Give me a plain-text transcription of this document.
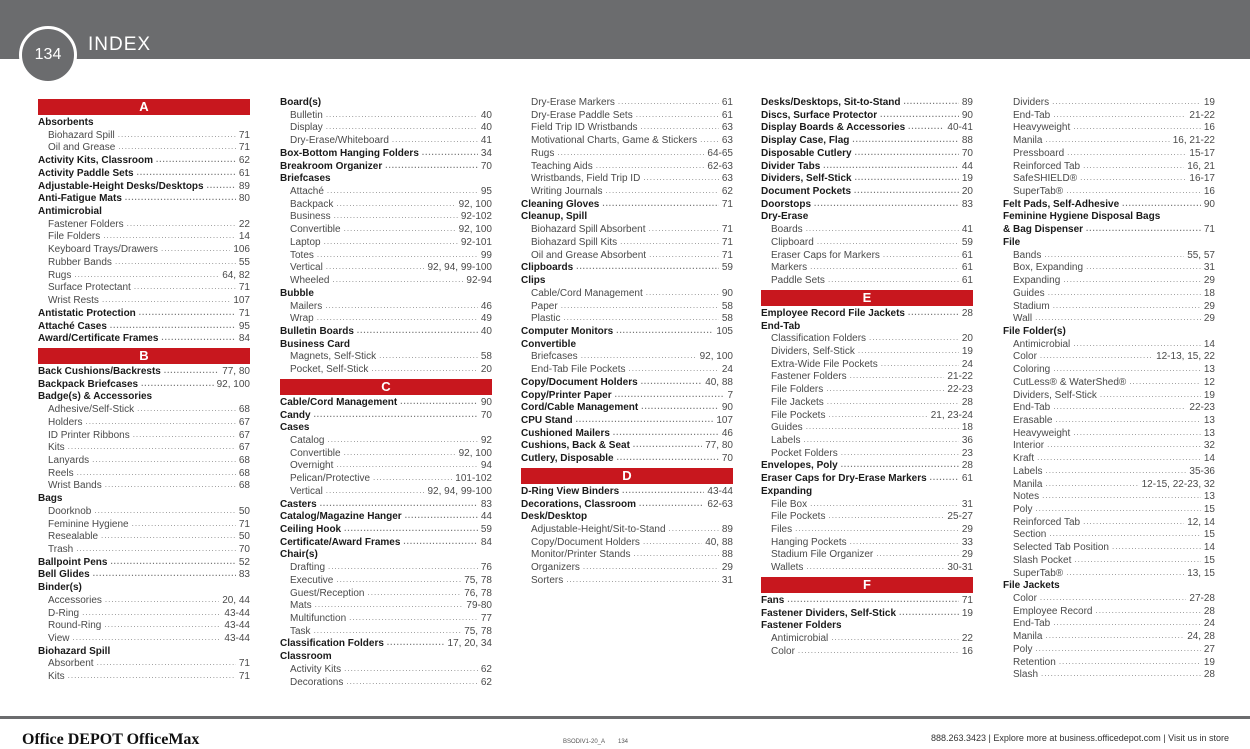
134	INDEX
A
Absorbents
Biohazard Spill .....	71
Oil and Grease .....	71
Activity Kits, Classroom .....	62
Activity Paddle Sets .....	61
Adjustable-Height Desks/Desktops .....	89
Anti-Fatigue Mats .....	80
Antimicrobial
Fastener Folders .....	22
File Folders .....	14
Keyboard Trays/Drawers .....	106
Rubber Bands .....	55
Rugs .....	64, 82
Surface Protectant .....	71
Wrist Rests .....	107
Antistatic Protection .....	71
Attaché Cases .....	95
Award/Certificate Frames .....	84
B
Back Cushions/Backrests .....	77, 80
Backpack Briefcases .....	92, 100
Badge(s) & Accessories
Adhesive/Self-Stick .....	68
Holders .....	67
ID Printer Ribbons .....	67
Kits .....	67
Lanyards .....	68
Reels .....	68
Wrist Bands .....	68
Bags
Doorknob .....	50
Feminine Hygiene .....	71
Resealable .....	50
Trash .....	70
Ballpoint Pens .....	52
Bell Glides .....	83
Binder(s)
Accessories .....	20, 44
D-Ring .....	43-44
Round-Ring .....	43-44
View .....	43-44
Biohazard Spill
Absorbent .....	71
Kits .....	71
Board(s)
Bulletin .....	40
Display .....	40
Dry-Erase/Whiteboard .....	41
Box-Bottom Hanging Folders .....	34
Breakroom Organizer .....	70
Briefcases
Attaché .....	95
Backpack .....	92, 100
Business .....	92-102
Convertible .....	92, 100
Laptop .....	92-101
Totes .....	99
Vertical .....	92, 94, 99-100
Wheeled .....	92-94
Bubble
Mailers .....	46
Wrap .....	49
Bulletin Boards .....	40
Business Card
Magnets, Self-Stick .....	58
Pocket, Self-Stick .....	20
C
Cable/Cord Management .....	90
Candy .....	70
Cases
Catalog .....	92
Convertible .....	92, 100
Overnight .....	94
Pelican/Protective .....	101-102
Vertical .....	92, 94, 99-100
Casters .....	83
Catalog/Magazine Hanger .....	44
Ceiling Hook .....	59
Certificate/Award Frames .....	84
Chair(s)
Drafting .....	76
Executive .....	75, 78
Guest/Reception .....	76, 78
Mats .....	79-80
Multifunction .....	77
Task .....	75, 78
Classification Folders .....	17, 20, 34
Classroom
Activity Kits .....	62
Decorations .....	62
Dry-Erase Markers .....	61
Dry-Erase Paddle Sets .....	61
Field Trip ID Wristbands .....	63
Motivational Charts, Game & Stickers ..... 63
Rugs .....	64-65
Teaching Aids .....	62-63
Wristbands, Field Trip ID .....	63
Writing Journals .....	62
Cleaning Gloves .....	71
Cleanup, Spill
Biohazard Spill Absorbent .....	71
Biohazard Spill Kits .....	71
Oil and Grease Absorbent .....	71
Clipboards .....	59
Clips
Cable/Cord Management .....	90
Paper .....	58
Plastic .....	58
Computer Monitors .....	105
Convertible
Briefcases .....	92, 100
End-Tab File Pockets .....	24
Copy/Document Holders .....	40, 88
Copy/Printer Paper .....	7
Cord/Cable Management .....	90
CPU Stand .....	107
Cushioned Mailers .....	46
Cushions, Back & Seat .....	77, 80
Cutlery, Disposable .....	70
D
D-Ring View Binders .....	43-44
Decorations, Classroom .....	62-63
Desk/Desktop
Adjustable-Height/Sit-to-Stand .....	89
Copy/Document Holders .....	40, 88
Monitor/Printer Stands .....	88
Organizers .....	29
Sorters .....	31
Desks/Desktops, Sit-to-Stand .....	89
Discs, Surface Protector .....	90
Display Boards & Accessories .....	40-41
Display Case, Flag .....	88
Disposable Cutlery .....	70
Divider Tabs .....	44
Dividers, Self-Stick .....	19
Document Pockets .....	20
Doorstops .....	83
Dry-Erase
Boards .....	41
Clipboard .....	59
Eraser Caps for Markers .....	61
Markers .....	61
Paddle Sets .....	61
E
Employee Record File Jackets .....	28
End-Tab
Classification Folders .....	20
Dividers, Self-Stick .....	19
Extra-Wide File Pockets .....	24
Fastener Folders .....	21-22
File Folders .....	22-23
File Jackets .....	28
File Pockets .....	21, 23-24
Guides .....	18
Labels .....	36
Pocket Folders .....	23
Envelopes, Poly .....	28
Eraser Caps for Dry-Erase Markers .....	61
Expanding
File Box .....	31
File Pockets .....	25-27
Files .....	29
Hanging Pockets .....	33
Stadium File Organizer .....	29
Wallets .....	30-31
F
Fans .....	71
Fastener Dividers, Self-Stick .....	19
Fastener Folders
Antimicrobial .....	22
Color .....	16
Dividers .....	19
End-Tab .....	21-22
Heavyweight .....	16
Manila .....	16, 21-22
Pressboard .....	15-17
Reinforced Tab .....	16, 21
SafeSHIELD® .....	16-17
SuperTab® .....	16
Felt Pads, Self-Adhesive .....	90
Feminine Hygiene Disposal Bags
& Bag Dispenser .....	71
File
Bands .....	55, 57
Box, Expanding .....	31
Expanding .....	29
Guides .....	18
Stadium .....	29
Wall .....	29
File Folder(s)
Antimicrobial .....	14
Color .....	12-13, 15, 22
Coloring .....	13
CutLess® & WaterShed® .....	12
Dividers, Self-Stick .....	19
End-Tab .....	22-23
Erasable .....	13
Heavyweight .....	13
Interior .....	32
Kraft .....	14
Labels .....	35-36
Manila .....	12-15, 22-23, 32
Notes .....	13
Poly .....	15
Reinforced Tab .....	12, 14
Section .....	15
Selected Tab Position .....	14
Slash Pocket .....	15
SuperTab® .....	13, 15
File Jackets
Color .....	27-28
Employee Record .....	28
End-Tab .....	24
Manila .....	24, 28
Poly .....	27
Retention .....	19
Slash .....	28
Office DEPOT OfficeMax	BSODIV1-20_A 134	888.263.3423 | Explore more at business.officedepot.com | Visit us in store
